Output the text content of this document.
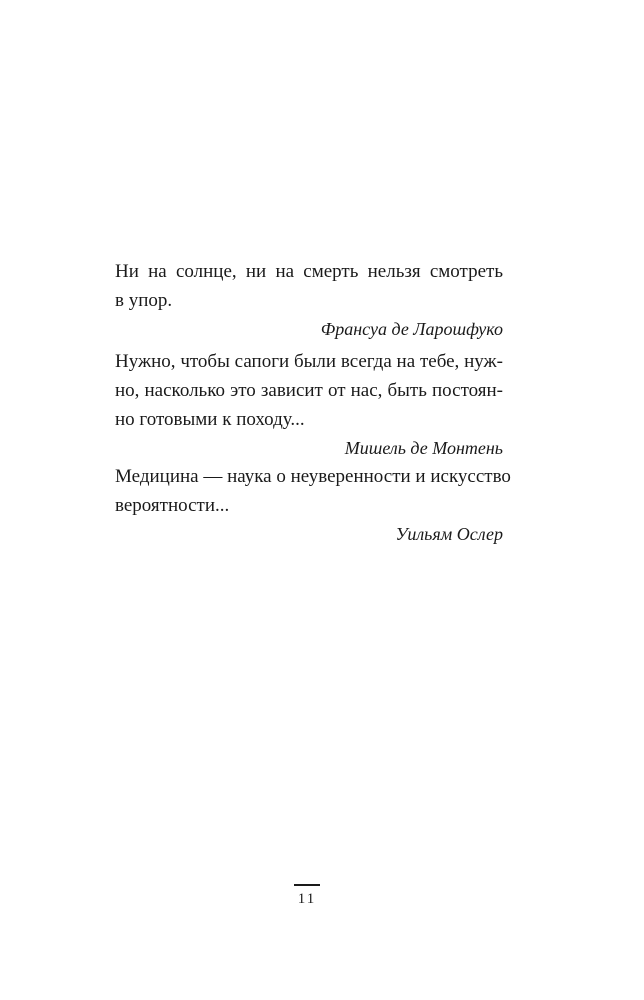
Ни на солнце, ни на смерть нельзя смотреть
в упор.
Франсуа де Ларошфуко
Нужно, чтобы сапоги были всегда на тебе, нуж-
но, насколько это зависит от нас, быть постоян-
но готовыми к походу...
Мишель де Монтень
Медицина — наука о неуверенности и искусство
вероятности...
Уильям Ослер
11
